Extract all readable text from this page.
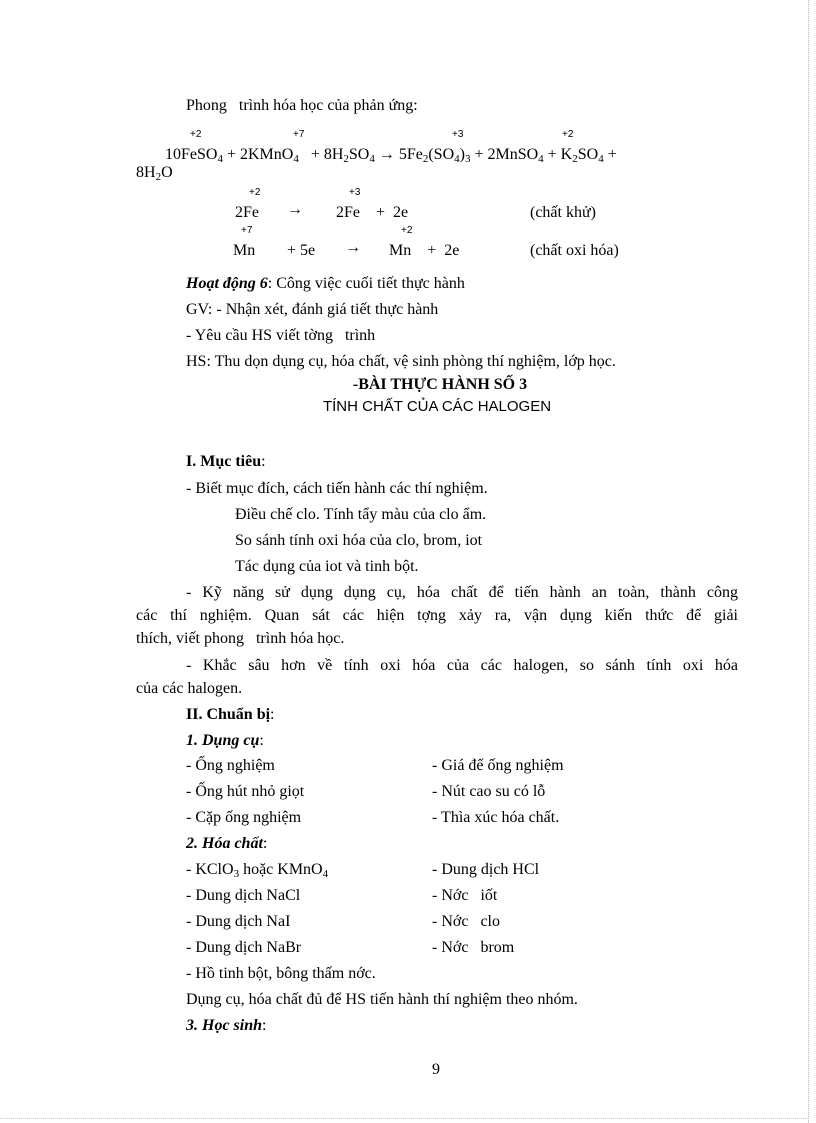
Phong   trình hóa học của phản ứng:
+2	+7	+3	+2
10FeSO$_4$ + 2KMnO$_4$   + $8H_2SO_4 \to 5Fe_2(SO_4)_3$ + 2MnSO$_4$ + $K_2SO_4$ +
$8H_2O$
+2	+3
2Fe → 2Fe    +  2e	(chất khử)
+7	+2
Mn + 5e → Mn    +  2e	(chất oxi hóa)
Hoạt động 6: Công việc cuối tiết thực hành
GV: - Nhận xét, đánh giá tiết thực hành
- Yêu cầu HS viết tờng   trình
HS: Thu dọn dụng cụ, hóa chất, vệ sinh phòng thí nghiệm, lớp học.
-BÀI THỰC HÀNH SỐ 3
TÍNH CHẤT CỦA CÁC HALOGEN
I. Mục tiêu:
- Biết mục đích, cách tiến hành các thí nghiệm.
Điều chế clo. Tính tẩy màu của clo ẩm.
So sánh tính oxi hóa của clo, brom, iot
Tác dụng của iot và tinh bột.
- Kỹ năng sử dụng dụng cụ, hóa chất để tiến hành an toàn, thành công
các thí nghiệm. Quan sát các hiện tợng xảy ra, vận dụng kiến thức để giải
thích, viết phong   trình hóa học.
- Khắc sâu hơn về tính oxi hóa của các halogen, so sánh tính oxi hóa
của các halogen.
II. Chuẩn bị:
1. Dụng cụ:
- Ống nghiệm	- Giá để ống nghiệm
- Ống hút nhỏ giọt	- Nút cao su có lỗ
- Cặp ống nghiệm	- Thìa xúc hóa chất.
2. Hóa chất:
- KClO$_3$ hoặc KMnO$_4$	- Dung dịch HCl
- Dung dịch NaCl	- Nớc   iốt
- Dung dịch NaI	- Nớc   clo
- Dung dịch NaBr	- Nớc   brom
- Hồ tinh bột, bông thấm nớc.
Dụng cụ, hóa chất đủ để HS tiến hành thí nghiệm theo nhóm.
3. Học sinh:
9
